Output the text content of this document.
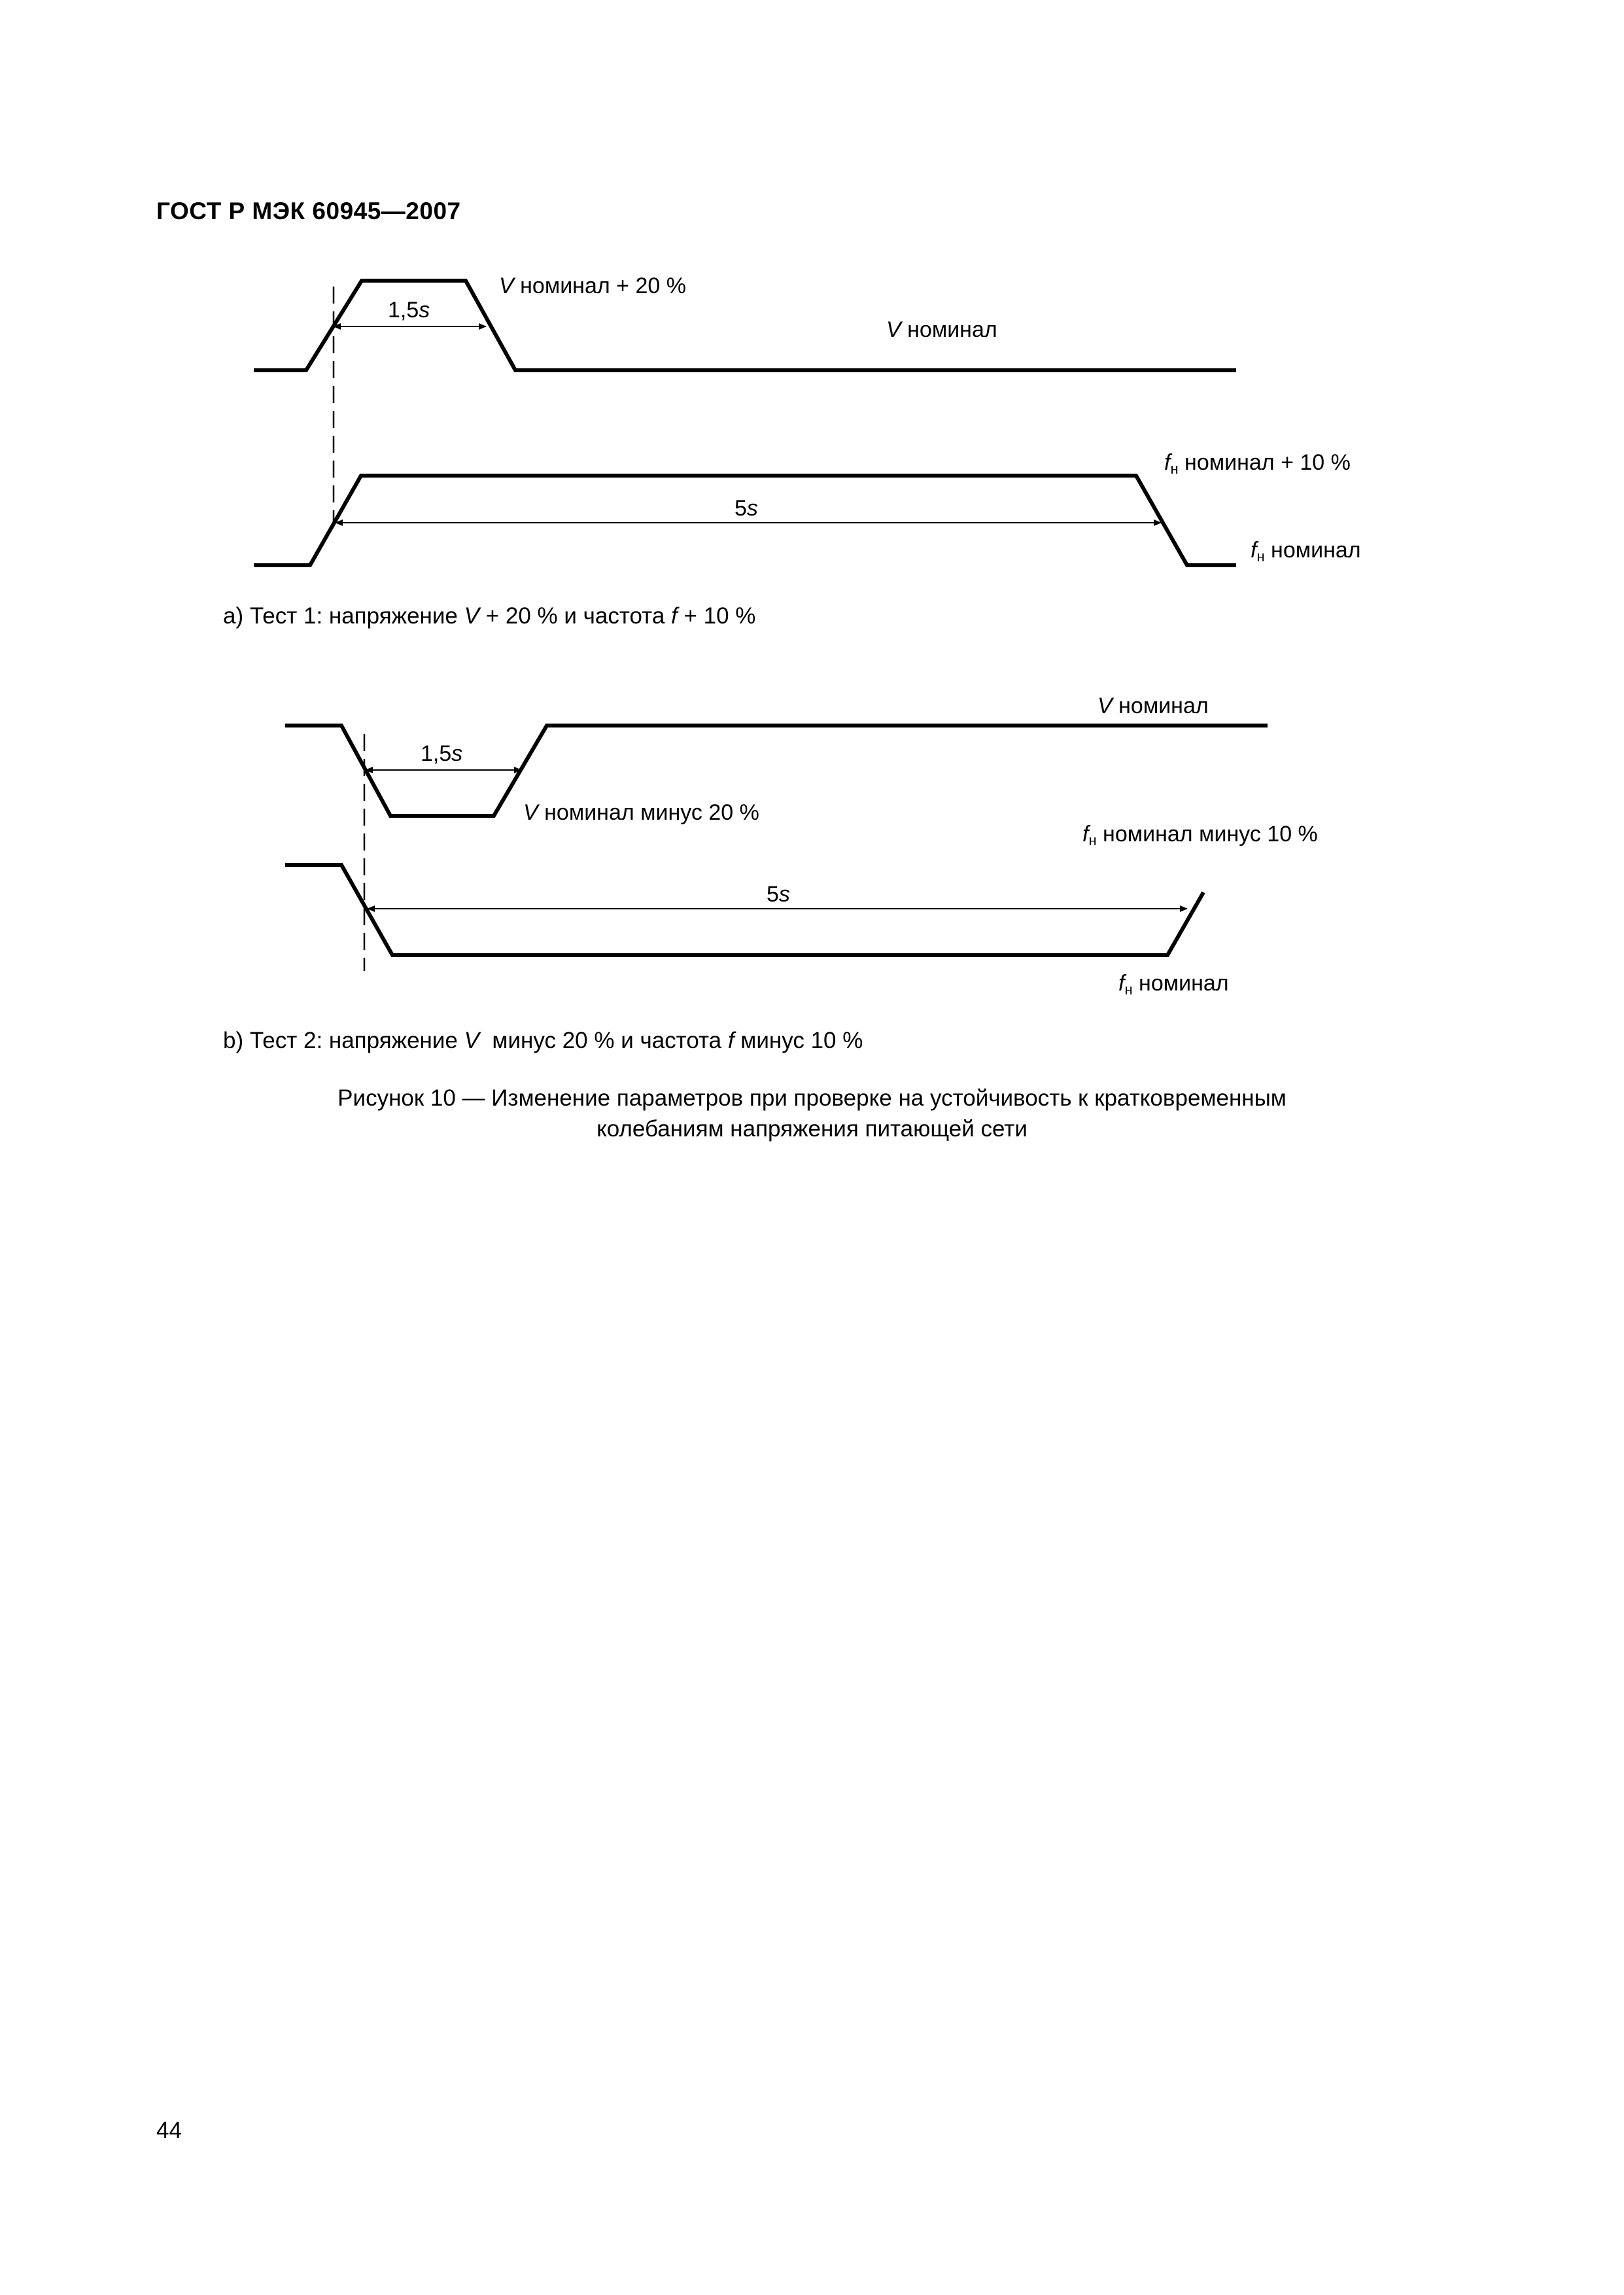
ГОСТ Р МЭК 60945—2007
V номинал + 20 %
1,5s
V номинал
$f_н$ номинал + 10 %
5s
$f_н$ номинал
а) Тест 1: напряжение V + 20 % и частота f + 10 %
V номинал
1,5s
V номинал минус 20 %
$f_н$ номинал минус 10 %
5s
$f_н$ номинал
b) Тест 2: напряжение V  минус 20 % и частота f минус 10 %
Рисунок 10 — Изменение параметров при проверке на устойчивость к кратковременным
колебаниям напряжения питающей сети
44
